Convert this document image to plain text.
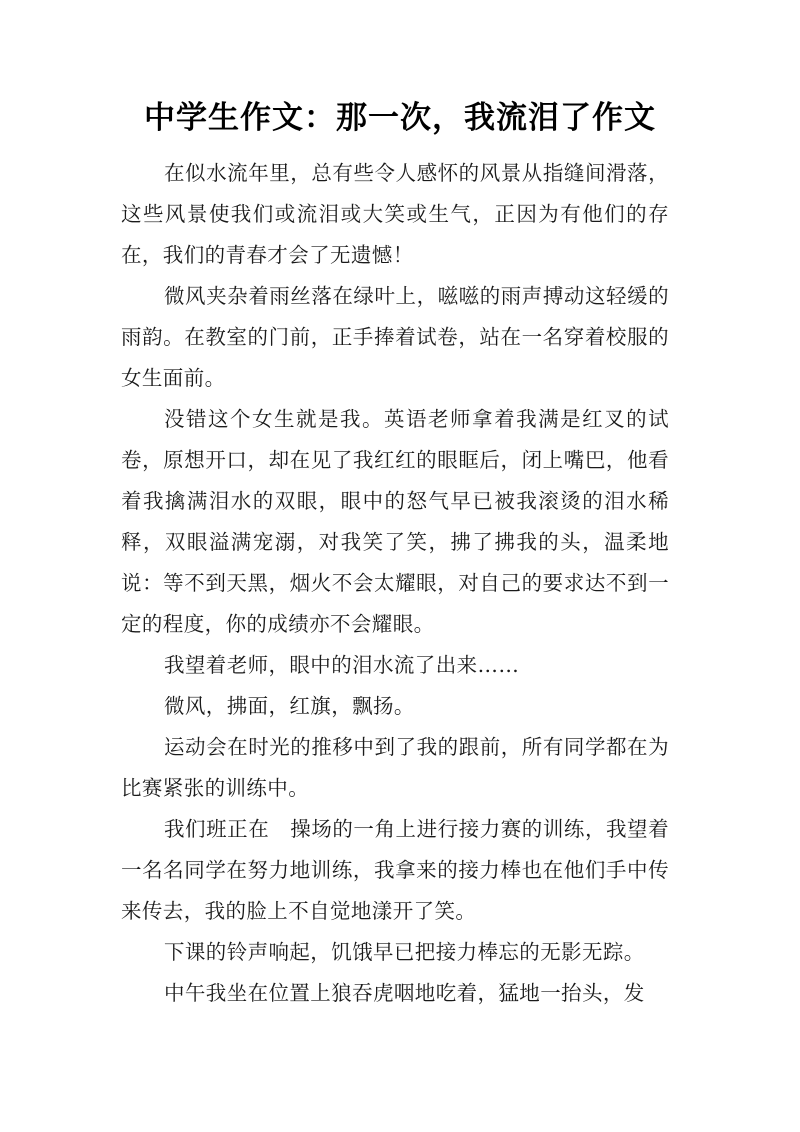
中学生作文：那一次，我流泪了作文

在似水流年里，总有些令人感怀的风景从指缝间滑落，这些风景使我们或流泪或大笑或生气，正因为有他们的存在，我们的青春才会了无遗憾！

微风夹杂着雨丝落在绿叶上，嗞嗞的雨声搏动这轻缓的雨韵。在教室的门前，正手捧着试卷，站在一名穿着校服的女生面前。

没错这个女生就是我。英语老师拿着我满是红叉的试卷，原想开口，却在见了我红红的眼眶后，闭上嘴巴，他看着我擒满泪水的双眼，眼中的怒气早已被我滚烫的泪水稀释，双眼溢满宠溺，对我笑了笑，拂了拂我的头，温柔地说：等不到天黑，烟火不会太耀眼，对自己的要求达不到一定的程度，你的成绩亦不会耀眼。

我望着老师，眼中的泪水流了出来……

微风，拂面，红旗，飘扬。

运动会在时光的推移中到了我的跟前，所有同学都在为比赛紧张的训练中。

我们班正在　操场的一角上进行接力赛的训练，我望着一名名同学在努力地训练，我拿来的接力棒也在他们手中传来传去，我的脸上不自觉地漾开了笑。

下课的铃声响起，饥饿早已把接力棒忘的无影无踪。

中午我坐在位置上狼吞虎咽地吃着，猛地一抬头，发
